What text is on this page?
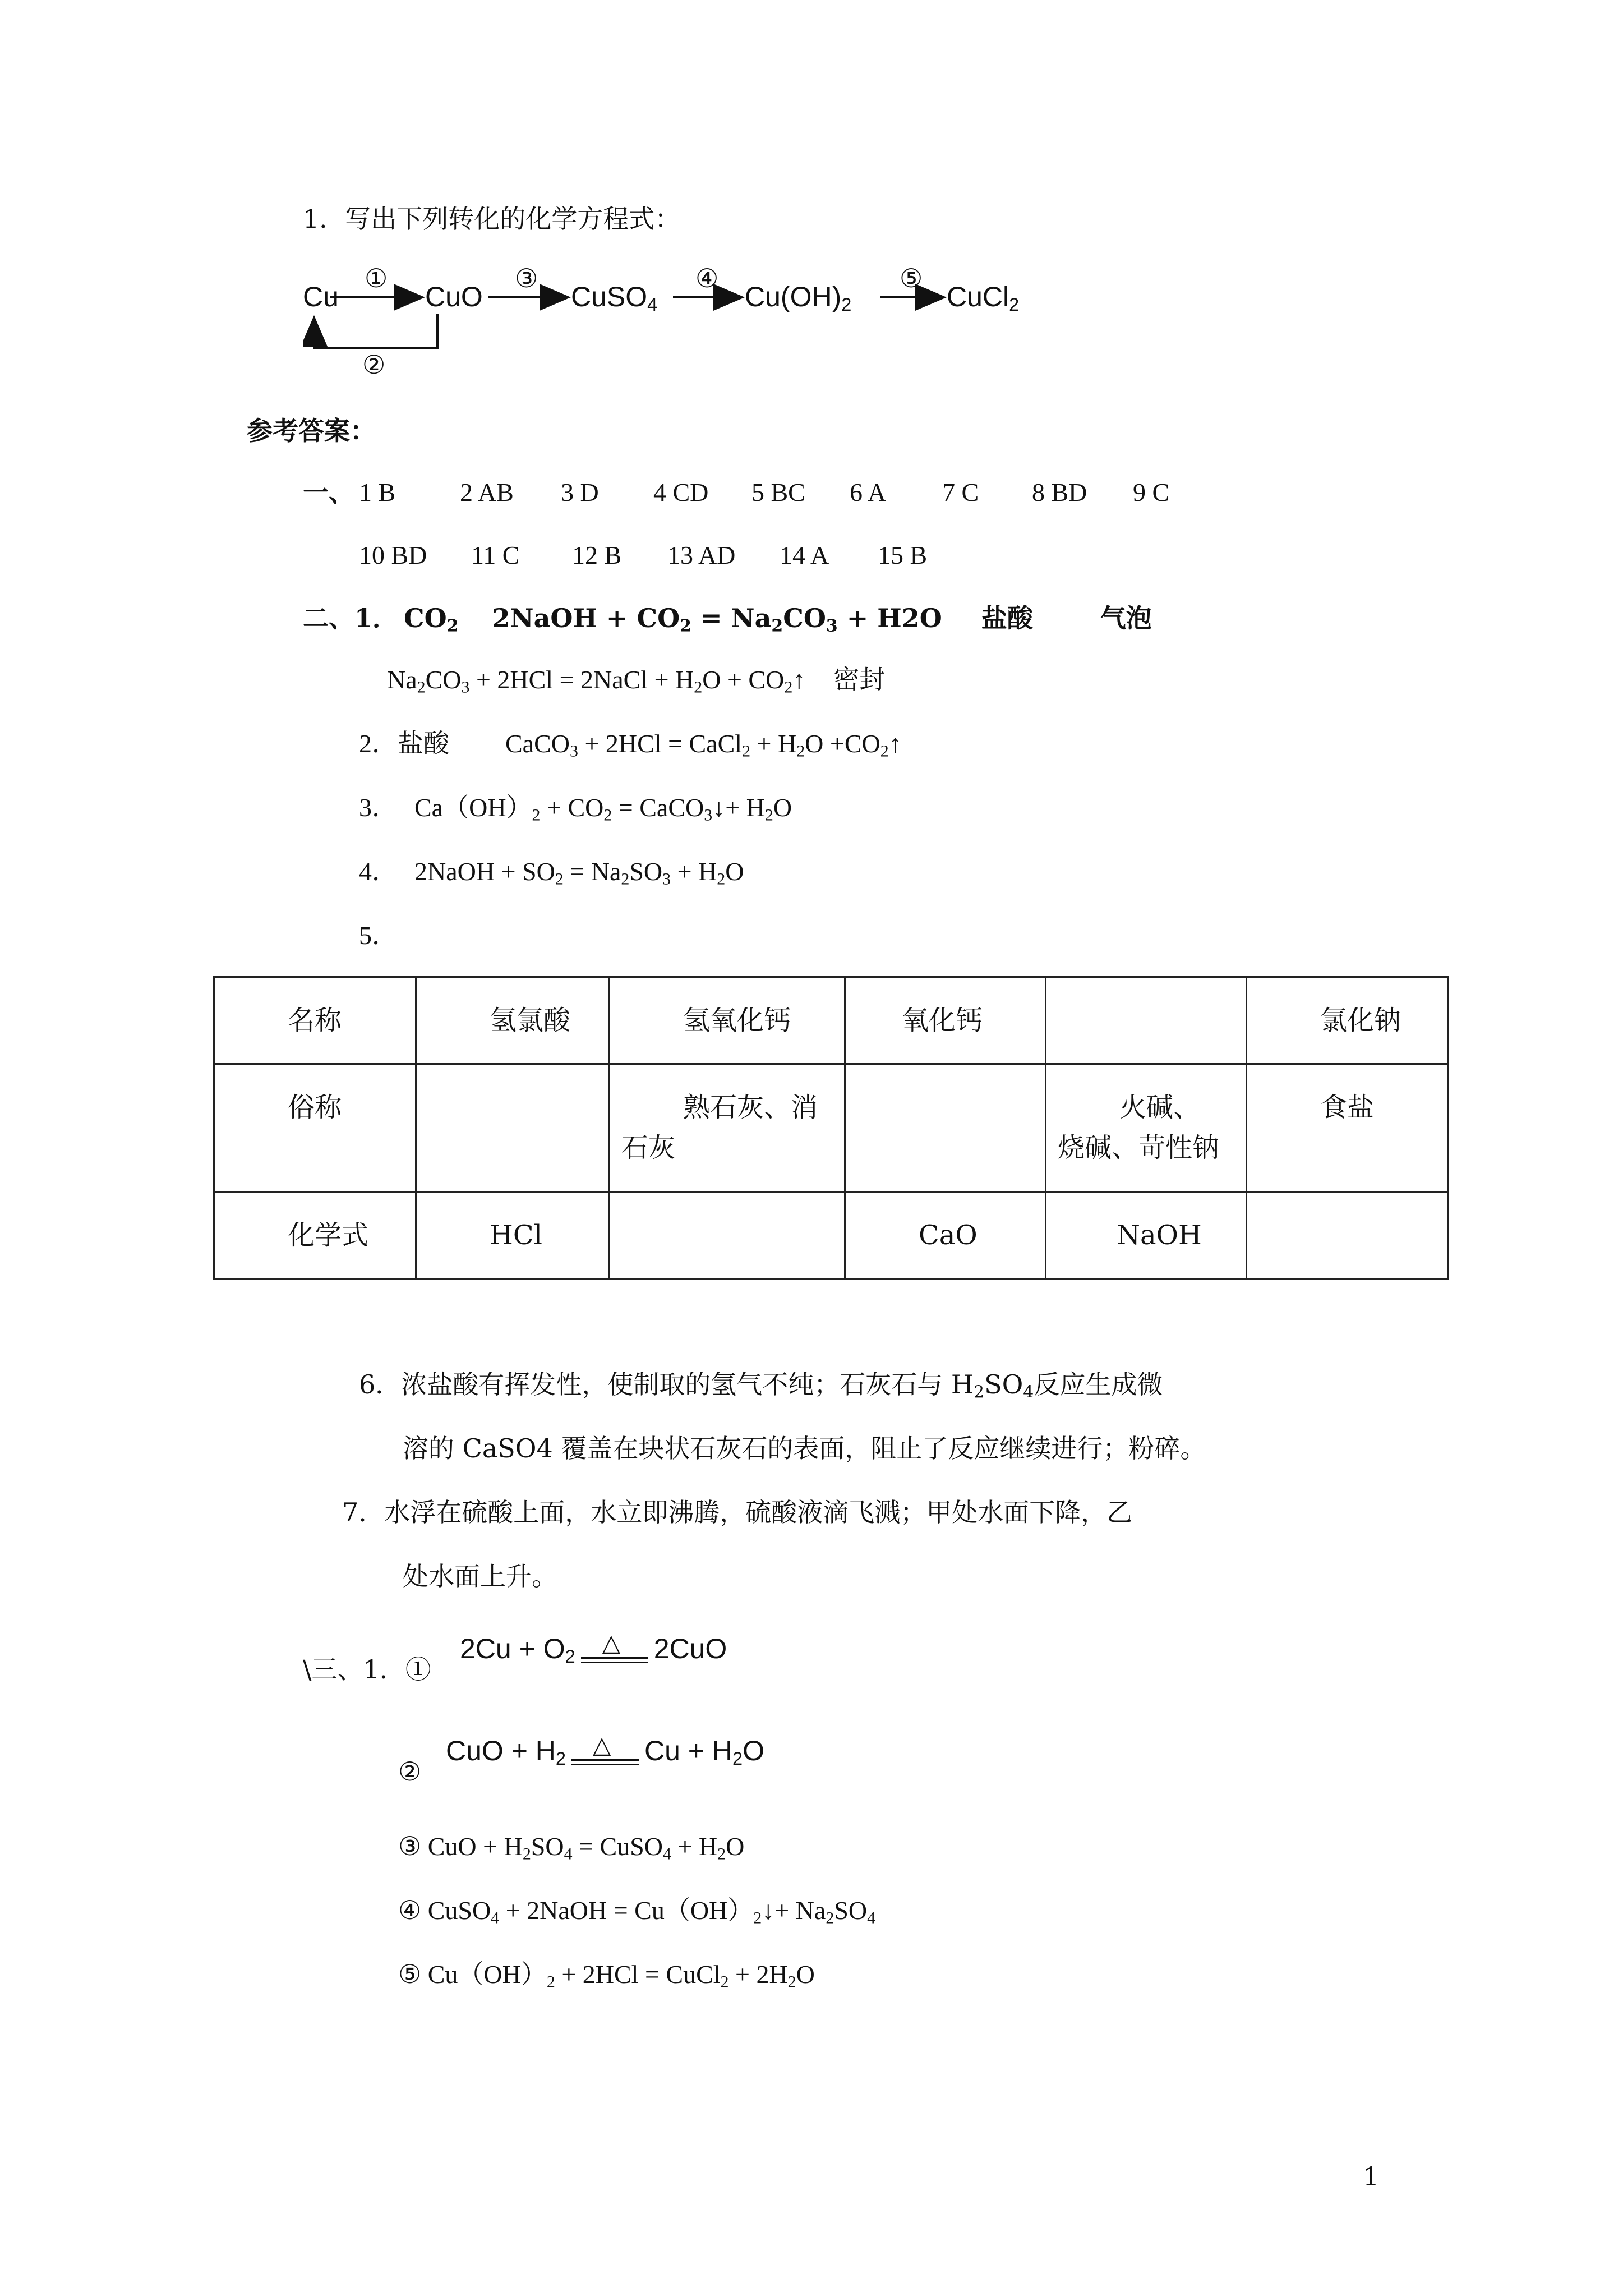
1．写出下列转化的化学方程式：
Cu	CuO	CuSO$_4$	$Cu(OH)_2$	CuCl$_2$
①	③	④	⑤
②
参考答案：
一、 1 B 2 AB 3 D 4 CD 5 BC 6 A 7 C 8 BD 9 C
10 BD 11 C 12 B 13 AD 14 A 15 B
二、1． $CO_2$ 2NaOH + $CO_2 = Na_2CO_3 + H2O$ 盐酸	气泡
$Na_2CO_3 + 2HCl$ = 2NaCl + $H_2O$ + $CO_2↑$ 密封
2．盐酸 CaCO$_3$ + 2HCl = CaCl$_2$ + $H_2O$ $+CO_2↑$
3． $Ca(OH)_2 + CO_2$ = CaCO$_3$↓+ $H_2O$
4． 2NaOH + $SO_2 = Na_2SO_3 + H_2O$
5．
名称	氢氯酸	氢氧化钙	氧化钙		氯化钠
俗称		熟石灰、消石灰		火碱、烧碱、苛性钠	食盐
化学式	HCl		CaO	NaOH	
6．浓盐酸有挥发性，使制取的氢气不纯；石灰石与 $H_2SO_4$反应生成微
溶的 CaSO4 覆盖在块状石灰石的表面，阻止了反应继续进行；粉碎。
7．水浮在硫酸上面，水立即沸腾，硫酸液滴飞溅；甲处水面下降，乙
处水面上升。
\三、1．①
$2Cu + O_2$
△ 2CuO
②
CuO + $H_2$
△ $Cu + H_2O$
③ CuO + $H_2SO_4$ = CuSO$_4$ + $H_2O$
④ CuSO$_4$ + 2NaOH = $Cu(OH)_2↓+ Na_2SO_4$
⑤ $Cu(OH)_2 + 2HCl$ = CuCl$_2$ + $2H_2O$
1
